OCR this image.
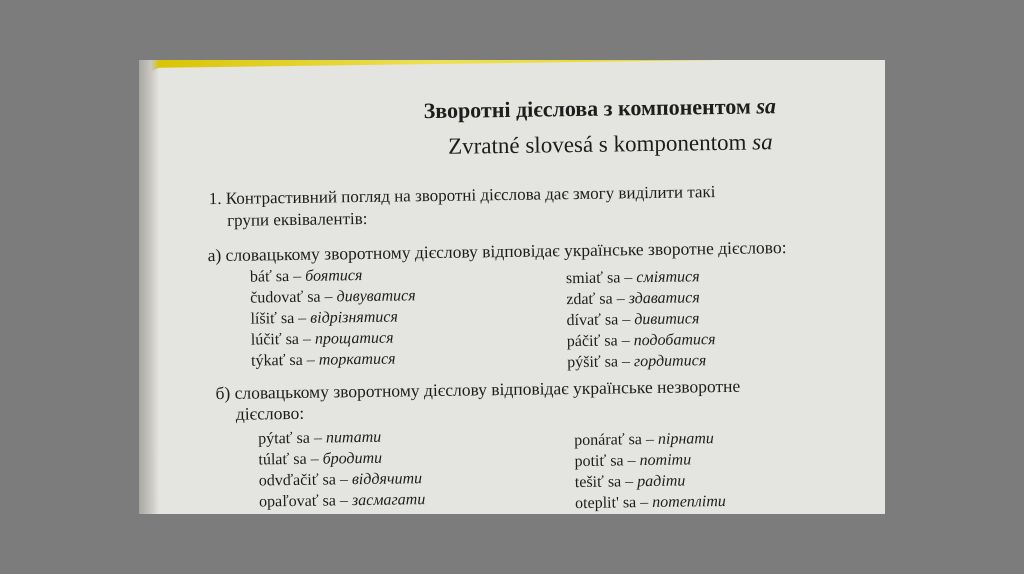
Зворотні дієслова з компонентом sa
Zvratné slovesá s komponentom sa
1. Контрастивний погляд на зворотні дієслова дає змогу виділити такі
групи еквівалентів:
а) словацькому зворотному дієслову відповідає українське зворотне дієслово:
báť sa – боятися
čudovať sa – дивуватися
líšiť sa – відрізнятися
lúčiť sa – прощатися
týkať sa – торкатися
smiať sa – сміятися
zdať sa – здаватися
dívať sa – дивитися
páčiť sa – подобатися
pýšiť sa – гордитися
б) словацькому зворотному дієслову відповідає українське незворотне
дієслово:
pýtať sa – питати
túlať sa – бродити
odvďačiť sa – віддячити
opaľovať sa – засмагати
ponárať sa – пірнати
potiť sa – потіти
tešiť sa – радіти
oteplit' sa – потеплiти
